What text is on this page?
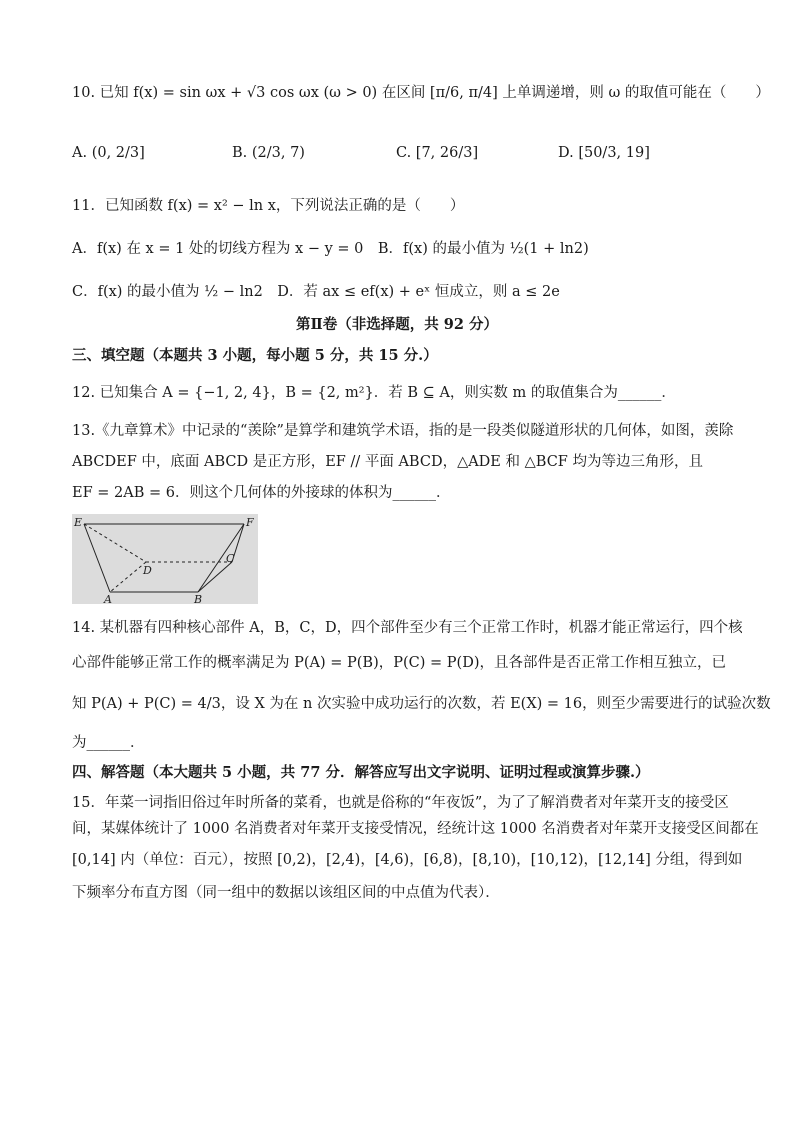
10. 已知 f(x) = sin ωx + √3 cos ωx (ω > 0) 在区间 [π/6, π/4] 上单调递增，则 ω 的取值可能在（　　）
A. (0, 2/3]	B. (2/3, 7)	C. [7, 26/3]	D. [50/3, 19]
11．已知函数 f(x) = x² − ln x，下列说法正确的是（　　）
A．f(x) 在 x = 1 处的切线方程为 x − y = 0　B．f(x) 的最小值为 ½(1 + ln2)
C．f(x) 的最小值为 ½ − ln2　D．若 ax ≤ ef(x) + eˣ 恒成立，则 a ≤ 2e
第Ⅱ卷（非选择题，共 92 分）
三、填空题（本题共 3 小题，每小题 5 分，共 15 分.）
12. 已知集合 A = {−1, 2, 4}，B = {2, m²}．若 B ⊆ A，则实数 m 的取值集合为______．
13.《九章算术》中记录的“羡除”是算学和建筑学术语，指的是一段类似隧道形状的几何体，如图，羡除
ABCDEF 中，底面 ABCD 是正方形，EF // 平面 ABCD，△ADE 和 △BCF 均为等边三角形，且
EF = 2AB = 6．则这个几何体的外接球的体积为______．
E	F
D
C
A	B
14. 某机器有四种核心部件 A，B，C，D，四个部件至少有三个正常工作时，机器才能正常运行，四个核
心部件能够正常工作的概率满足为 P(A) = P(B)，P(C) = P(D)，且各部件是否正常工作相互独立，已
知 P(A) + P(C) = 4/3，设 X 为在 n 次实验中成功运行的次数，若 E(X) = 16，则至少需要进行的试验次数
为______．
四、解答题（本大题共 5 小题，共 77 分．解答应写出文字说明、证明过程或演算步骤.）
15．年菜一词指旧俗过年时所备的菜肴，也就是俗称的“年夜饭”，为了了解消费者对年菜开支的接受区
间，某媒体统计了 1000 名消费者对年菜开支接受情况，经统计这 1000 名消费者对年菜开支接受区间都在
[0,14] 内（单位：百元），按照 [0,2)，[2,4)，[4,6)，[6,8)，[8,10)，[10,12)，[12,14] 分组，得到如
下频率分布直方图（同一组中的数据以该组区间的中点值为代表）．
